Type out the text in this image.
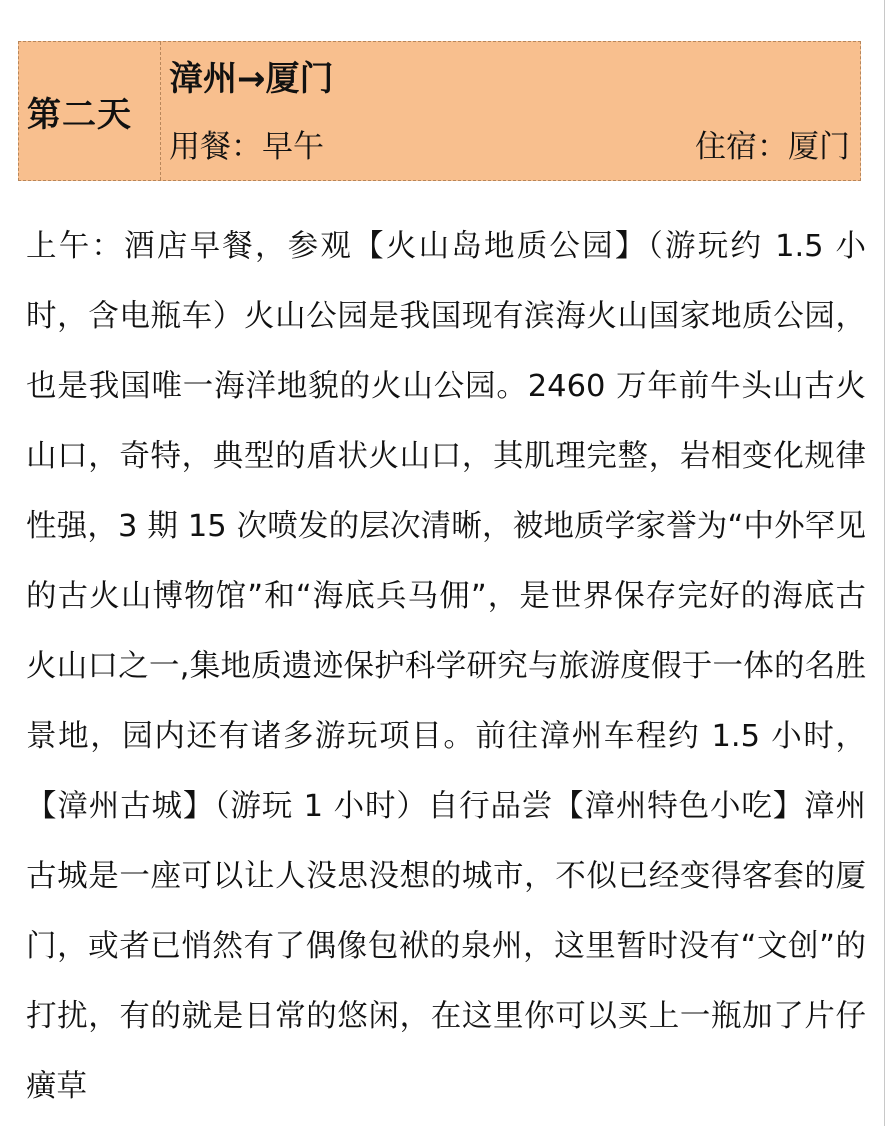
第二天
漳州→厦门
用餐：早午	住宿：厦门

上午：酒店早餐，参观【火山岛地质公园】（游玩约 1.5 小时，含电瓶车）火山公园是我国现有滨海火山国家地质公园，也是我国唯一海洋地貌的火山公园。2460 万年前牛头山古火山口，奇特，典型的盾状火山口，其肌理完整，岩相变化规律性强，3 期 15 次喷发的层次清晰，被地质学家誉为“中外罕见的古火山博物馆”和“海底兵马佣”，是世界保存完好的海底古火山口之一,集地质遗迹保护科学研究与旅游度假于一体的名胜景地，园内还有诸多游玩项目。前往漳州车程约 1.5 小时，【漳州古城】（游玩 1 小时）自行品尝【漳州特色小吃】漳州古城是一座可以让人没思没想的城市，不似已经变得客套的厦门，或者已悄然有了偶像包袱的泉州，这里暂时没有“文创”的打扰，有的就是日常的悠闲，在这里你可以买上一瓶加了片仔癀草
